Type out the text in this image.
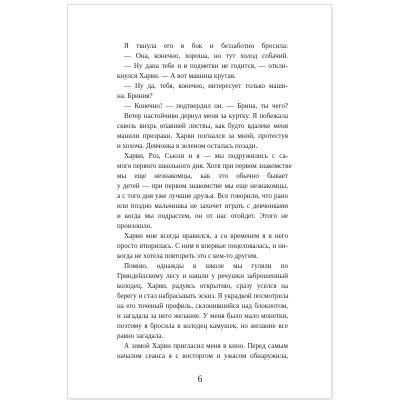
Я ткнула его в бок и беззаботно бросила:
— Она, конечно, хороша, но тут холод собачий.
— Ну дана тебе и в подметки не годится, — откли-
кнулся Харви. — А вот машина крутая.
— Ну да, тебя, конечно, интересует только маши-
на. Бриния?
— Конечно! — подтвердил он. — Брина, ты чего?
Ветер настойчиво дернул меня за куртку. Я побежала
сквозь вихрь опавшей листвы, как будто вдалеке меня
манили призраки. Харви погнался за мной, протестуя
и хохоча. Девчонка в зеленом осталась позади.
Харви, Роз, Сьюзи и я — мы подружились с са-
мого первого школьного дня. Хотя при первом знакомстве
мы еще незнакомцы, как это обычно бывает
у детей — при первом знакомстве мы еще незнакомцы,
а с того дня уже лучшие друзья. Все говорили, что рано
или поздно мальчишка не захочет играть с девчонками
и когда мы подрастем, он от нас отойдет. Этого не
произошло.
Харви мне всегда нравился, а со временем я в него
просто втюрилась. С ним я впервые поцеловалась, и ни-
когда не хотела повторить это с кем-то другим.
Помню, однажды в школе мы гуляли по
Гриндейлскому лесу и нашли у речушки заброшенный
колодец. Харви, радуясь открытию, сразу уселся на
берегу и стал набрасывать эскиз. Я украдкой посмотрела
на его точеный профиль, склонившийся над блокнотом,
и загадала за него желание. У меня было мало монетки,
поэтому я бросила в колодец камушек, но желание все
равно загадала.
А зимой Харви пригласил меня в кино. Перед самым
началом сеанса я с восторгом и ужасом обнаружила,
6
